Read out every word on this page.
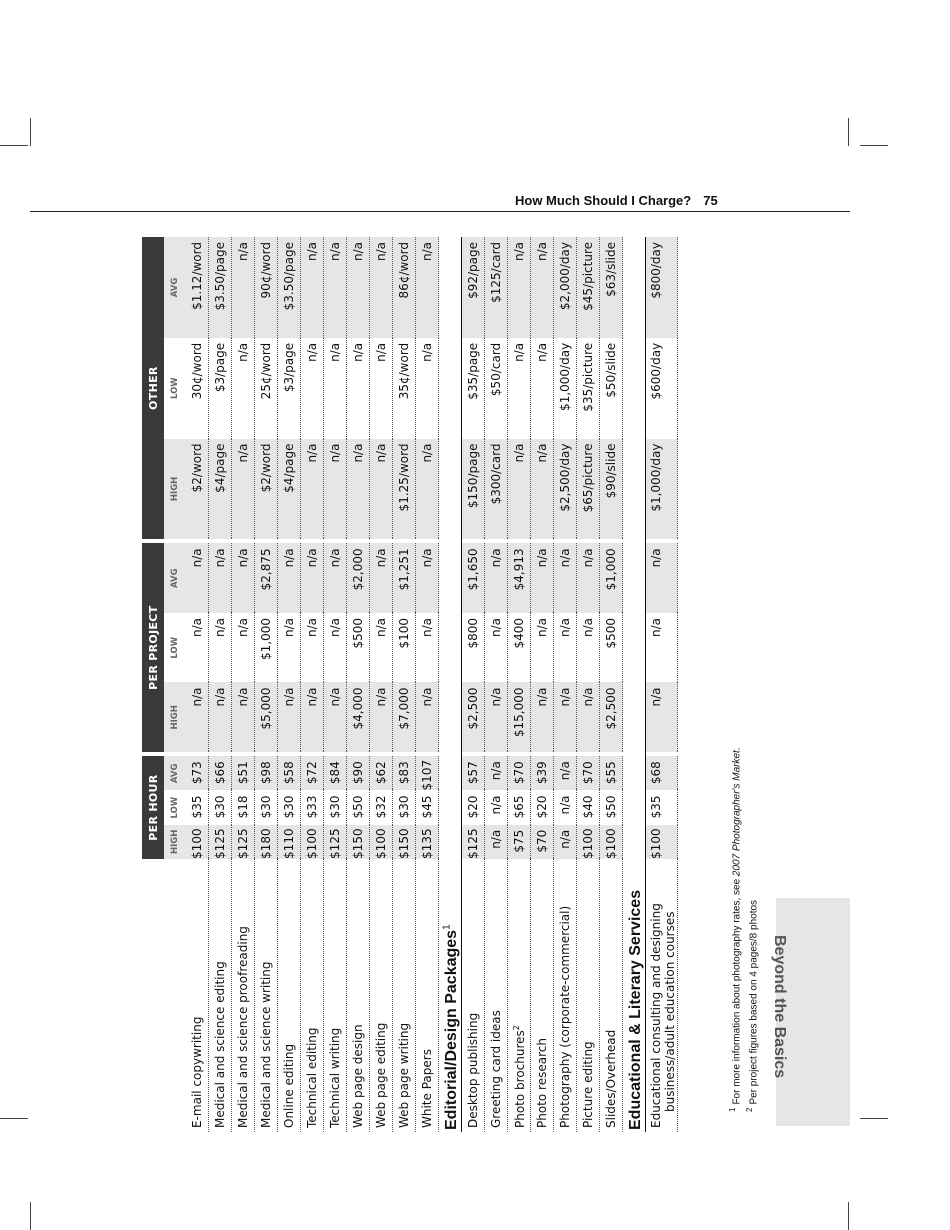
How Much Should I Charge? 75
	PER HOUR				PER PROJECT				OTHER		
	HIGH	LOW	AVG		HIGH	LOW	AVG		HIGH	LOW	AVG
E-mail copywriting	$100	$35	$73		n/a	n/a	n/a		$2/word	30¢/word	$1.12/word
Medical and science editing	$125	$30	$66		n/a	n/a	n/a		$4/page	$3/page	$3.50/page
Medical and science proofreading	$125	$18	$51		n/a	n/a	n/a		n/a	n/a	n/a
Medical and science writing	$180	$30	$98		$5,000	$1,000	$2,875		$2/word	25¢/word	90¢/word
Online editing	$110	$30	$58		n/a	n/a	n/a		$4/page	$3/page	$3.50/page
Technical editing	$100	$33	$72		n/a	n/a	n/a		n/a	n/a	n/a
Technical writing	$125	$30	$84		n/a	n/a	n/a		n/a	n/a	n/a
Web page design	$150	$50	$90		$4,000	$500	$2,000		n/a	n/a	n/a
Web page editing	$100	$32	$62		n/a	n/a	n/a		n/a	n/a	n/a
Web page writing	$150	$30	$83		$7,000	$100	$1,251		$1.25/word	35¢/word	86¢/word
White Papers	$135	$45	$107		n/a	n/a	n/a		n/a	n/a	n/a
Editorial/Design Packages$^1$
Desktop publishing	$125	$20	$57		$2,500	$800	$1,650		$150/page	$35/page	$92/page
Greeting card ideas	n/a	n/a	n/a		n/a	n/a	n/a		$300/card	$50/card	$125/card
Photo brochures$^2$	$75	$65	$70		$15,000	$400	$4,913		n/a	n/a	n/a
Photo research	$70	$20	$39		n/a	n/a	n/a		n/a	n/a	n/a
Photography (corporate-commercial)	n/a	n/a	n/a		n/a	n/a	n/a		$2,500/day	$1,000/day	$2,000/day
Picture editing	$100	$40	$70		n/a	n/a	n/a		$65/picture	$35/picture	$45/picture
Slides/Overhead	$100	$50	$55		$2,500	$500	$1,000		$90/slide	$50/slide	$63/slide
Educational & Literary Services											
Educational consulting and designing business/adult education courses	$100	$35	$68		n/a	n/a	n/a		$1,000/day	$600/day	$800/day
$^1$For more information about photography rates, see 2007 Photographer's Market.
$^2$Per project figures based on 4 pages/8 photos Beyond the Basics
